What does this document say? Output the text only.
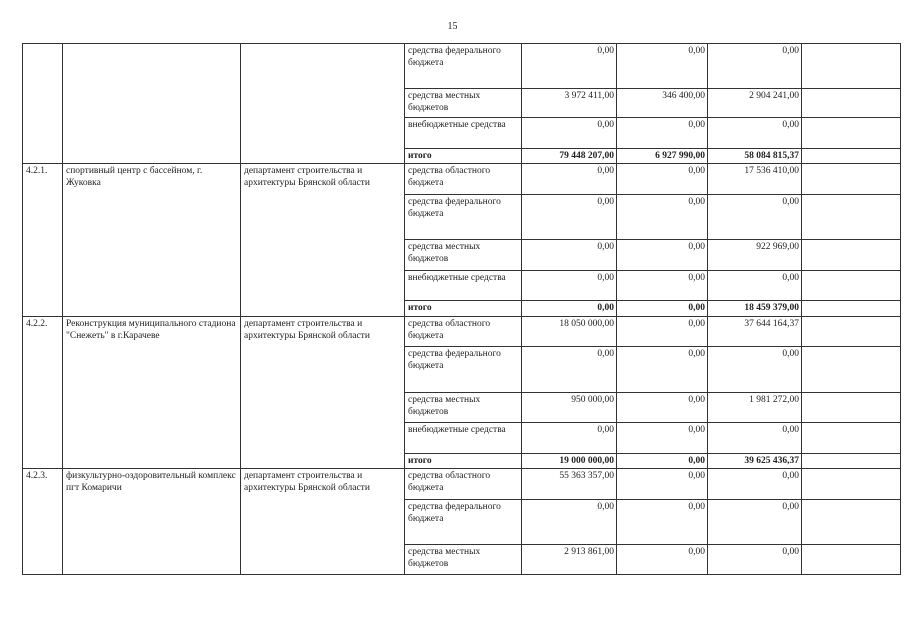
15
			средства федерального бюджета	0,00	0,00	0,00	
			средства местных бюджетов	3 972 411,00	346 400,00	2 904 241,00	
			внебюджетные средства	0,00	0,00	0,00	
			итого	79 448 207,00	6 927 990,00	58 084 815,37	
4.2.1.	спортивный центр с бассейном, г. Жуковка	департамент строительства и архитектуры Брянской области	средства областного бюджета	0,00	0,00	17 536 410,00	
			средства федерального бюджета	0,00	0,00	0,00	
			средства местных бюджетов	0,00	0,00	922 969,00	
			внебюджетные средства	0,00	0,00	0,00	
			итого	0,00	0,00	18 459 379,00	
4.2.2.	Реконструкция муниципального стадиона "Снежеть" в г.Карачеве	департамент строительства и архитектуры Брянской области	средства областного бюджета	18 050 000,00	0,00	37 644 164,37	
			средства федерального бюджета	0,00	0,00	0,00	
			средства местных бюджетов	950 000,00	0,00	1 981 272,00	
			внебюджетные средства	0,00	0,00	0,00	
			итого	19 000 000,00	0,00	39 625 436,37	
4.2.3.	физкультурно-оздоровительный комплекс пгт Комаричи	департамент строительства и архитектуры Брянской области	средства областного бюджета	55 363 357,00	0,00	0,00	
			средства федерального бюджета	0,00	0,00	0,00	
			средства местных бюджетов	2 913 861,00	0,00	0,00	
